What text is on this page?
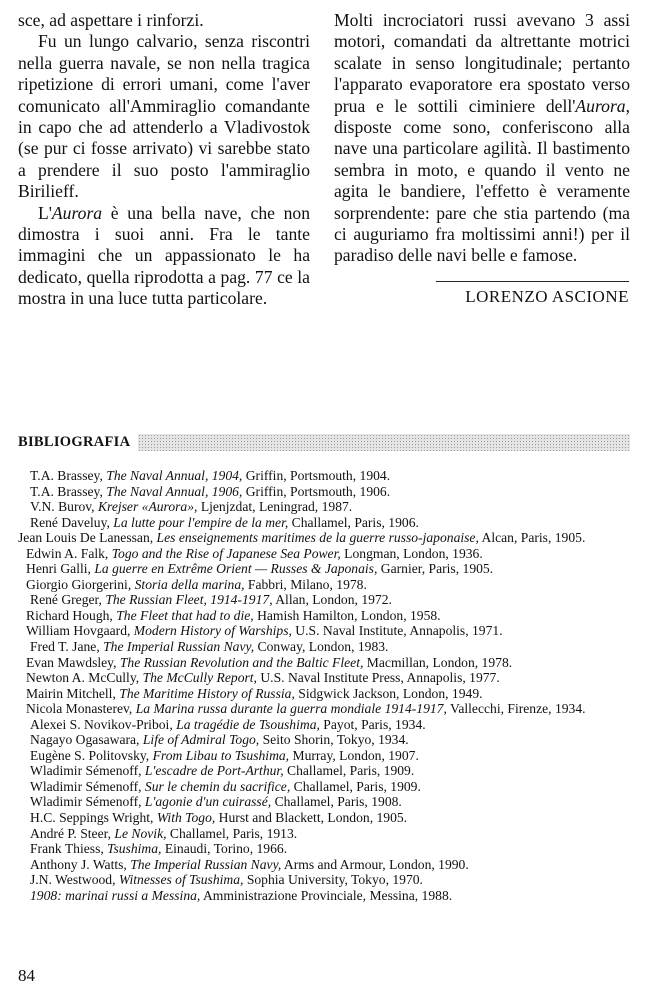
sce, ad aspettare i rinforzi.

Fu un lungo calvario, senza riscontri nella guerra navale, se non nella tragica ripetizione di errori umani, come l'aver comunicato all'Ammiraglio comandante in capo che ad attenderlo a Vladivostok (se pur ci fosse arrivato) vi sarebbe stato a prendere il suo posto l'ammiraglio Birilieff.

L'Aurora è una bella nave, che non dimostra i suoi anni. Fra le tante immagini che un appassionato le ha dedicato, quella riprodotta a pag. 77 ce la mostra in una luce tutta particolare.

Molti incrociatori russi avevano 3 assi motori, comandati da altrettante motrici scalate in senso longitudinale; pertanto l'apparato evaporatore era spostato verso prua e le sottili ciminiere dell'Aurora, disposte come sono, conferiscono alla nave una particolare agilità. Il bastimento sembra in moto, e quando il vento ne agita le bandiere, l'effetto è veramente sorprendente: pare che stia partendo (ma ci auguriamo fra moltissimi anni!) per il paradiso delle navi belle e famose.

LORENZO ASCIONE
BIBLIOGRAFIA
T.A. Brassey, The Naval Annual, 1904, Griffin, Portsmouth, 1904.
T.A. Brassey, The Naval Annual, 1906, Griffin, Portsmouth, 1906.
V.N. Burov, Krejser «Aurora», Ljenjzdat, Leningrad, 1987.
René Daveluy, La lutte pour l'empire de la mer, Challamel, Paris, 1906.
Jean Louis De Lanessan, Les enseignements maritimes de la guerre russo-japonaise, Alcan, Paris, 1905.
Edwin A. Falk, Togo and the Rise of Japanese Sea Power, Longman, London, 1936.
Henri Galli, La guerre en Extrême Orient — Russes & Japonais, Garnier, Paris, 1905.
Giorgio Giorgerini, Storia della marina, Fabbri, Milano, 1978.
René Greger, The Russian Fleet, 1914-1917, Allan, London, 1972.
Richard Hough, The Fleet that had to die, Hamish Hamilton, London, 1958.
William Hovgaard, Modern History of Warships, U.S. Naval Institute, Annapolis, 1971.
Fred T. Jane, The Imperial Russian Navy, Conway, London, 1983.
Evan Mawdsley, The Russian Revolution and the Baltic Fleet, Macmillan, London, 1978.
Newton A. McCully, The McCully Report, U.S. Naval Institute Press, Annapolis, 1977.
Mairin Mitchell, The Maritime History of Russia, Sidgwick Jackson, London, 1949.
Nicola Monasterev, La Marina russa durante la guerra mondiale 1914-1917, Vallecchi, Firenze, 1934.
Alexei S. Novikov-Priboi, La tragédie de Tsoushima, Payot, Paris, 1934.
Nagayo Ogasawara, Life of Admiral Togo, Seito Shorin, Tokyo, 1934.
Eugène S. Politovsky, From Libau to Tsushima, Murray, London, 1907.
Wladimir Sémenoff, L'escadre de Port-Arthur, Challamel, Paris, 1909.
Wladimir Sémenoff, Sur le chemin du sacrifice, Challamel, Paris, 1909.
Wladimir Sémenoff, L'agonie d'un cuirassé, Challamel, Paris, 1908.
H.C. Seppings Wright, With Togo, Hurst and Blackett, London, 1905.
André P. Steer, Le Novik, Challamel, Paris, 1913.
Frank Thiess, Tsushima, Einaudi, Torino, 1966.
Anthony J. Watts, The Imperial Russian Navy, Arms and Armour, London, 1990.
J.N. Westwood, Witnesses of Tsushima, Sophia University, Tokyo, 1970.
1908: marinai russi a Messina, Amministrazione Provinciale, Messina, 1988.
84
